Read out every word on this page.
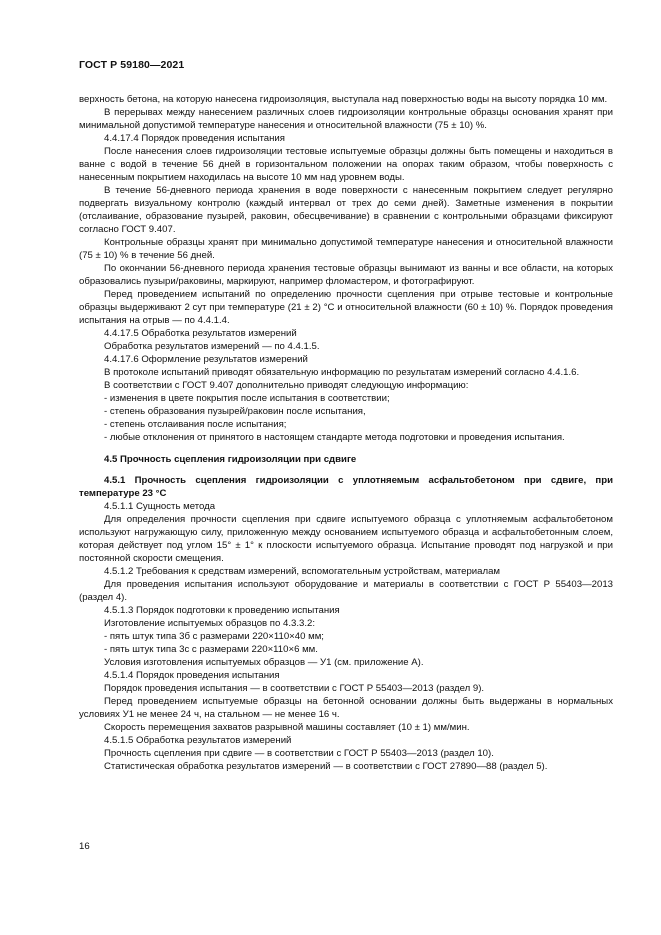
ГОСТ Р 59180—2021

верхность бетона, на которую нанесена гидроизоляция, выступала над поверхностью воды на высоту порядка 10 мм.

В перерывах между нанесением различных слоев гидроизоляции контрольные образцы основания хранят при минимальной допустимой температуре нанесения и относительной влажности (75 ± 10) %.

4.4.17.4 Порядок проведения испытания

После нанесения слоев гидроизоляции тестовые испытуемые образцы должны быть помещены и находиться в ванне с водой в течение 56 дней в горизонтальном положении на опорах таким образом, чтобы поверхность с нанесенным покрытием находилась на высоте 10 мм над уровнем воды.

В течение 56-дневного периода хранения в воде поверхности с нанесенным покрытием следует регулярно подвергать визуальному контролю (каждый интервал от трех до семи дней). Заметные изменения в покрытии (отслаивание, образование пузырей, раковин, обесцвечивание) в сравнении с контрольными образцами фиксируют согласно ГОСТ 9.407.

Контрольные образцы хранят при минимально допустимой температуре нанесения и относительной влажности (75 ± 10) % в течение 56 дней.

По окончании 56-дневного периода хранения тестовые образцы вынимают из ванны и все области, на которых образовались пузыри/раковины, маркируют, например фломастером, и фотографируют.

Перед проведением испытаний по определению прочности сцепления при отрыве тестовые и контрольные образцы выдерживают 2 сут при температуре (21 ± 2) °С и относительной влажности (60 ± 10) %. Порядок проведения испытания на отрыв — по 4.4.1.4.

4.4.17.5 Обработка результатов измерений

Обработка результатов измерений — по 4.4.1.5.

4.4.17.6 Оформление результатов измерений

В протоколе испытаний приводят обязательную информацию по результатам измерений согласно 4.4.1.6.

В соответствии с ГОСТ 9.407 дополнительно приводят следующую информацию:

- изменения в цвете покрытия после испытания в соответствии;

- степень образования пузырей/раковин после испытания,

- степень отслаивания после испытания;

- любые отклонения от принятого в настоящем стандарте метода подготовки и проведения испытания.

4.5 Прочность сцепления гидроизоляции при сдвиге

4.5.1 Прочность сцепления гидроизоляции с уплотняемым асфальтобетоном при сдвиге, при температуре 23 °С

4.5.1.1 Сущность метода

Для определения прочности сцепления при сдвиге испытуемого образца с уплотняемым асфальтобетоном используют нагружающую силу, приложенную между основанием испытуемого образца и асфальтобетонным слоем, которая действует под углом 15° ± 1° к плоскости испытуемого образца. Испытание проводят под нагрузкой и при постоянной скорости смещения.

4.5.1.2 Требования к средствам измерений, вспомогательным устройствам, материалам

Для проведения испытания используют оборудование и материалы в соответствии с ГОСТ Р 55403—2013 (раздел 4).

4.5.1.3 Порядок подготовки к проведению испытания

Изготовление испытуемых образцов по 4.3.3.2:

- пять штук типа 3б с размерами 220×110×40 мм;

- пять штук типа 3с с размерами 220×110×6 мм.

Условия изготовления испытуемых образцов — У1 (см. приложение А).

4.5.1.4 Порядок проведения испытания

Порядок проведения испытания — в соответствии с ГОСТ Р 55403—2013 (раздел 9).

Перед проведением испытуемые образцы на бетонной основании должны быть выдержаны в нормальных условиях У1 не менее 24 ч, на стальном — не менее 16 ч.

Скорость перемещения захватов разрывной машины составляет (10 ± 1) мм/мин.

4.5.1.5 Обработка результатов измерений

Прочность сцепления при сдвиге — в соответствии с ГОСТ Р 55403—2013 (раздел 10).

Статистическая обработка результатов измерений — в соответствии с ГОСТ 27890—88 (раздел 5).

16
